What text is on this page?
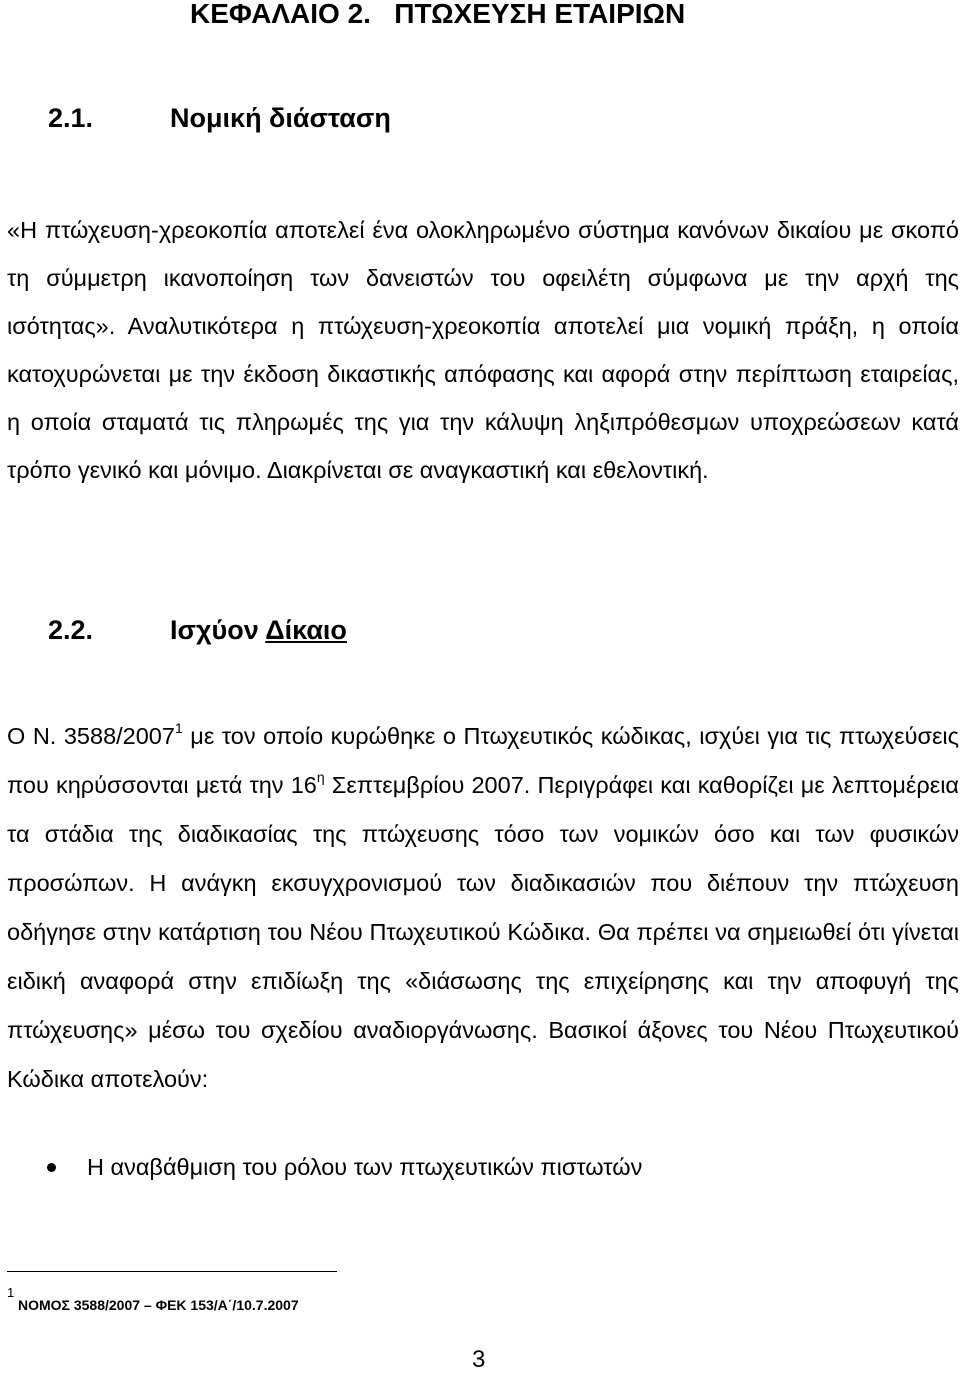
ΚΕΦΑΛΑΙΟ 2.   ΠΤΩΧΕΥΣΗ ΕΤΑΙΡΙΩΝ
2.1.	Νομική διάσταση

«Η πτώχευση-χρεοκοπία αποτελεί ένα ολοκληρωμένο σύστημα κανόνων δικαίου με σκοπό τη σύμμετρη ικανοποίηση των δανειστών του οφειλέτη σύμφωνα με την αρχή της ισότητας». Αναλυτικότερα η πτώχευση-χρεοκοπία αποτελεί μια νομική πράξη, η οποία κατοχυρώνεται με την έκδοση δικαστικής απόφασης και αφορά στην περίπτωση εταιρείας, η οποία σταματά τις πληρωμές της για την κάλυψη ληξιπρόθεσμων υποχρεώσεων κατά τρόπο γενικό και μόνιμο. Διακρίνεται σε αναγκαστική και εθελοντική.

2.2.	Ισχύον Δίκαιο

Ο Ν. 3588/2007$^1$ με τον οποίο κυρώθηκε ο Πτωχευτικός κώδικας, ισχύει για τις πτωχεύσεις που κηρύσσονται μετά την $16^\eta$ Σεπτεμβρίου 2007. Περιγράφει και καθορίζει με λεπτομέρεια τα στάδια της διαδικασίας της πτώχευσης τόσο των νομικών όσο και των φυσικών προσώπων. Η ανάγκη εκσυγχρονισμού των διαδικασιών που διέπουν την πτώχευση οδήγησε στην κατάρτιση του Νέου Πτωχευτικού Κώδικα. Θα πρέπει να σημειωθεί ότι γίνεται ειδική αναφορά στην επιδίωξη της «διάσωσης της επιχείρησης και την αποφυγή της πτώχευσης» μέσω του σχεδίου αναδιοργάνωσης. Βασικοί άξονες του Νέου Πτωχευτικού Κώδικα αποτελούν:

Η αναβάθμιση του ρόλου των πτωχευτικών πιστωτών
1
ΝΟΜΟΣ 3588/2007 – ΦΕΚ 153/Α΄/10.7.2007
3
